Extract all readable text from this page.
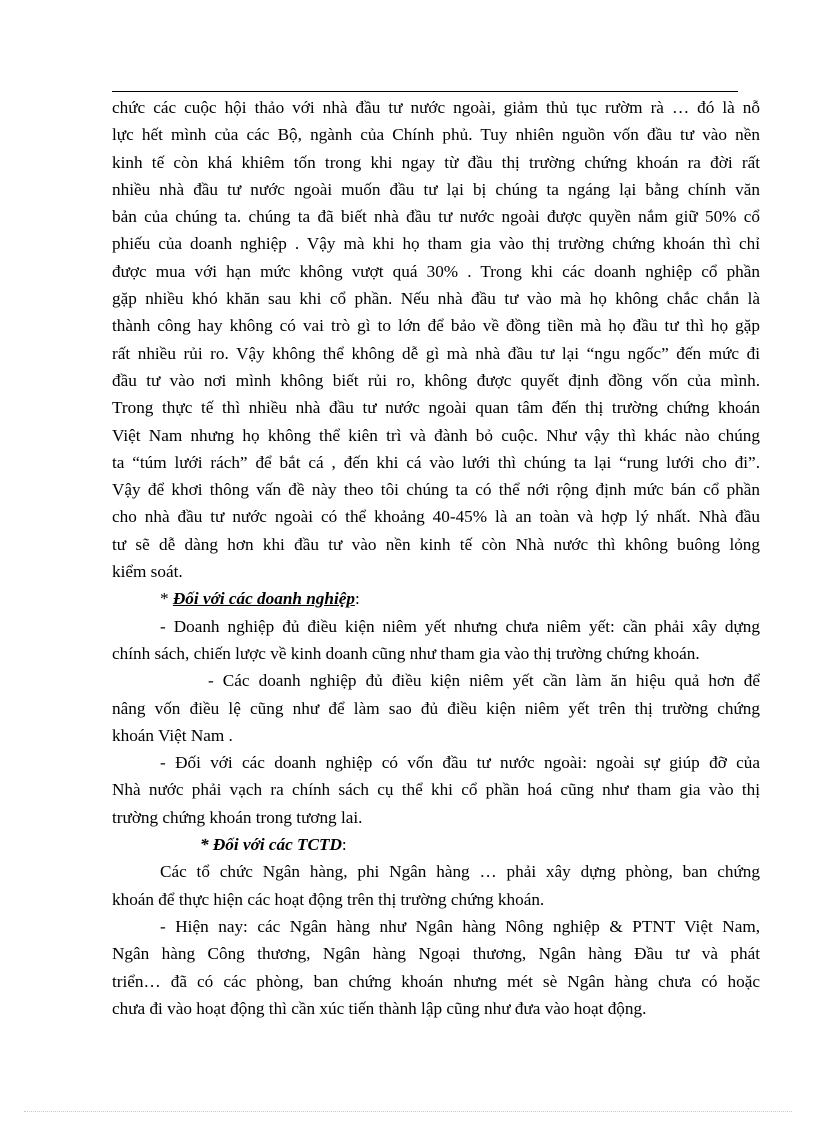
chức các cuộc hội thảo với nhà đầu tư nước ngoài, giảm thủ tục rườm rà … đó là nỗ
lực hết mình của các Bộ, ngành của Chính phủ. Tuy nhiên nguồn vốn đầu tư vào nền
kinh tế còn khá khiêm tốn trong khi ngay từ đầu thị trường chứng khoán ra đời rất
nhiều nhà đầu tư nước ngoài muốn đầu tư lại bị chúng ta ngáng lại bằng chính văn
bản của chúng ta. chúng ta đã biết nhà đầu tư nước ngoài được quyền nắm giữ 50% cổ
phiếu của doanh nghiệp . Vậy mà khi họ tham gia vào thị trường chứng khoán thì chỉ
được mua với hạn mức không vượt quá 30% . Trong khi các doanh nghiệp cổ phần
gặp nhiều khó khăn sau khi cổ phần. Nếu nhà đầu tư vào mà họ không chắc chắn là
thành công hay không có vai trò gì to lớn để bảo về đồng tiền mà họ đầu tư thì họ gặp
rất nhiều rủi ro. Vậy không thể không dễ gì mà nhà đầu tư lại “ngu ngốc” đến mức đi
đầu tư vào nơi mình không biết rủi ro, không được quyết định đồng vốn của mình.
Trong thực tế thì nhiều nhà đầu tư nước ngoài quan tâm đến thị trường chứng khoán
Việt Nam nhưng họ không thể kiên trì và đành bỏ cuộc. Như vậy thì khác nào chúng
ta “túm lưới rách” để bắt cá , đến khi cá vào lưới thì chúng ta lại “rung lưới cho đi”.
Vậy để khơi thông vấn đề này theo tôi chúng ta có thể nới rộng định mức bán cổ phần
cho nhà đầu tư nước ngoài có thể khoảng 40-45% là an toàn và hợp lý nhất. Nhà đầu
tư sẽ dễ dàng hơn khi đầu tư vào nền kinh tế còn Nhà nước thì không buông lỏng
kiểm soát.
* Đối với các doanh nghiệp:
- Doanh nghiệp đủ điều kiện niêm yết nhưng chưa niêm yết: cần phải xây dựng
chính sách, chiến lược về kinh doanh cũng như tham gia vào thị trường chứng khoán.
- Các doanh nghiệp đủ điều kiện niêm yết cần làm ăn hiệu quả hơn để
nâng vốn điều lệ cũng như để làm sao đủ điều kiện niêm yết trên thị trường chứng
khoán Việt Nam .
- Đối với các doanh nghiệp có vốn đầu tư nước ngoài: ngoài sự giúp đỡ của
Nhà nước phải vạch ra chính sách cụ thể khi cổ phần hoá cũng như tham gia vào thị
trường chứng khoán trong tương lai.
* Đối với các TCTD:
Các tổ chức Ngân hàng, phi Ngân hàng … phải xây dựng phòng, ban chứng
khoán để thực hiện các hoạt động trên thị trường chứng khoán.
- Hiện nay: các Ngân hàng như Ngân hàng Nông nghiệp & PTNT Việt Nam,
Ngân hàng Công thương, Ngân hàng Ngoại thương, Ngân hàng Đầu tư và phát
triển… đã có các phòng, ban chứng khoán nhưng mét sè Ngân hàng chưa có hoặc
chưa đi vào hoạt động thì cần xúc tiến thành lập cũng như đưa vào hoạt động.
